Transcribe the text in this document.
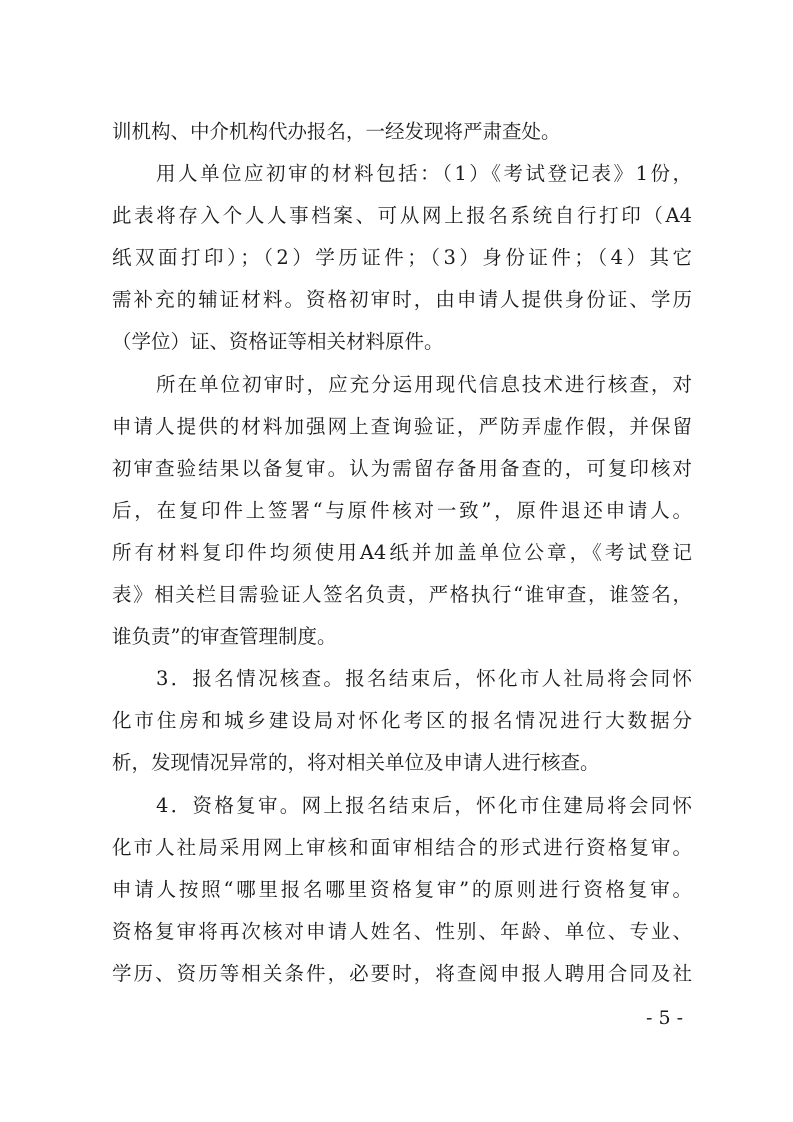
训机构、中介机构代办报名，一经发现将严肃查处。
用人单位应初审的材料包括：（1）《考试登记表》1份，
此表将存入个人人事档案、可从网上报名系统自行打印（A4
纸双面打印）；（2）学历证件；（3）身份证件；（4）其它
需补充的辅证材料。资格初审时，由申请人提供身份证、学历
（学位）证、资格证等相关材料原件。
所在单位初审时，应充分运用现代信息技术进行核查，对
申请人提供的材料加强网上查询验证，严防弄虚作假，并保留
初审查验结果以备复审。认为需留存备用备查的，可复印核对
后，在复印件上签署“与原件核对一致”，原件退还申请人。
所有材料复印件均须使用A4纸并加盖单位公章，《考试登记
表》相关栏目需验证人签名负责，严格执行“谁审查，谁签名，
谁负责”的审查管理制度。
3．报名情况核查。报名结束后，怀化市人社局将会同怀
化市住房和城乡建设局对怀化考区的报名情况进行大数据分
析，发现情况异常的，将对相关单位及申请人进行核查。
4．资格复审。网上报名结束后，怀化市住建局将会同怀
化市人社局采用网上审核和面审相结合的形式进行资格复审。
申请人按照“哪里报名哪里资格复审”的原则进行资格复审。
资格复审将再次核对申请人姓名、性别、年龄、单位、专业、
学历、资历等相关条件，必要时，将查阅申报人聘用合同及社
- 5 -
